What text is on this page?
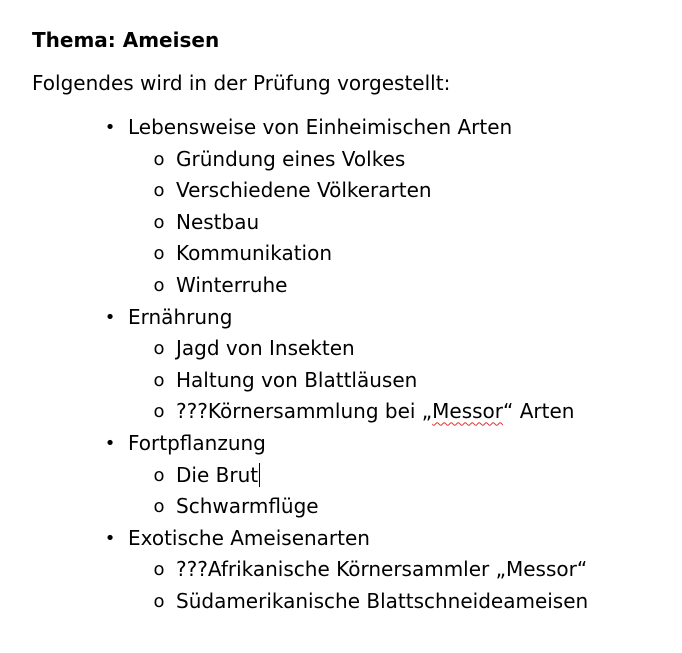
Thema: Ameisen
Folgendes wird in der Prüfung vorgestellt:
• Lebensweise von Einheimischen Arten
o Gründung eines Volkes
o Verschiedene Völkerarten
o Nestbau
o Kommunikation
o Winterruhe
• Ernährung
o Jagd von Insekten
o Haltung von Blattläusen
o ???Körnersammlung bei „Messor“ Arten
• Fortpflanzung
o Die Brut
o Schwarmflüge
• Exotische Ameisenarten
o ???Afrikanische Körnersammler „Messor“
o Südamerikanische Blattschneideameisen
